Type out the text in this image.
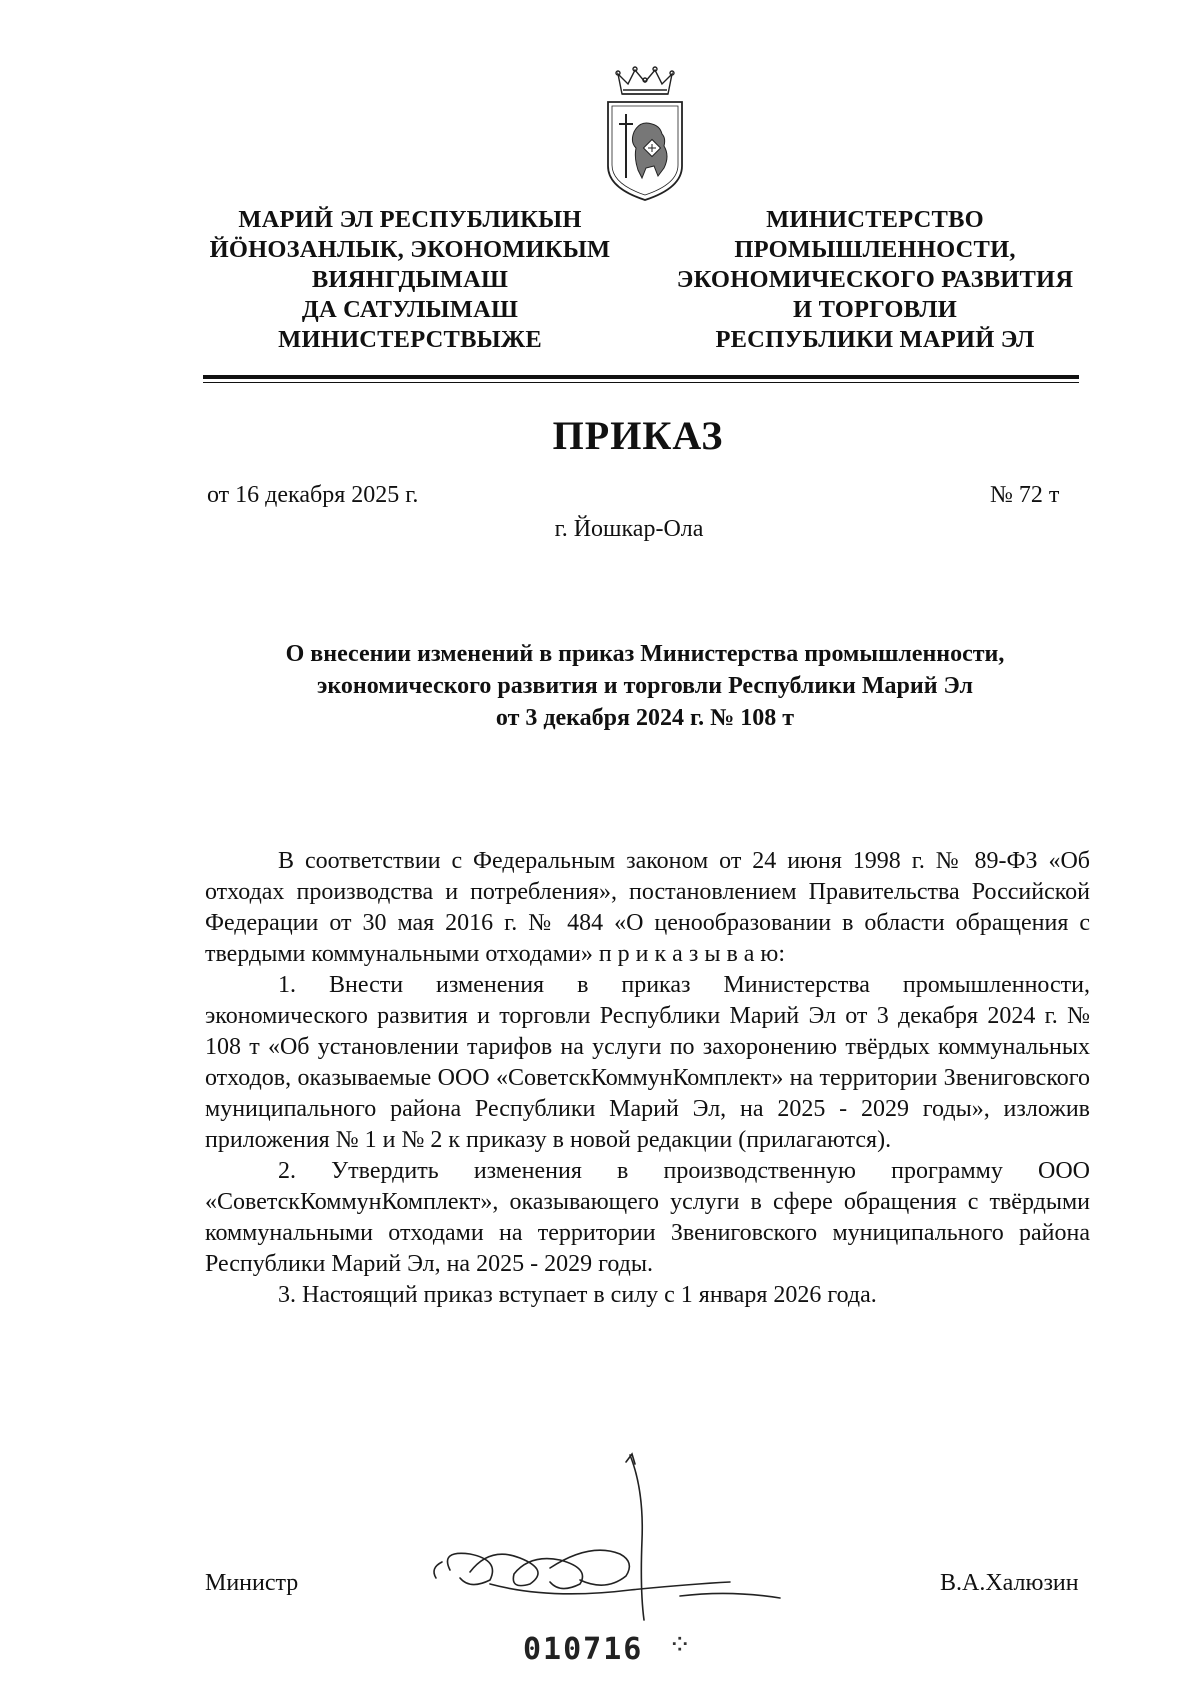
МАРИЙ ЭЛ РЕСПУБЛИКЫН
ЙӦНОЗАНЛЫК, ЭКОНОМИКЫМ
ВИЯНГДЫМАШ
ДА САТУЛЫМАШ
МИНИСТЕРСТВЫЖЕ
МИНИСТЕРСТВО
ПРОМЫШЛЕННОСТИ,
ЭКОНОМИЧЕСКОГО РАЗВИТИЯ
И ТОРГОВЛИ
РЕСПУБЛИКИ МАРИЙ ЭЛ
ПРИКАЗ
от 16 декабря 2025 г.	№ 72 т
г. Йошкар-Ола
О внесении изменений в приказ Министерства промышленности,
экономического развития и торговли Республики Марий Эл
от 3 декабря 2024 г. № 108 т

В соответствии с Федеральным законом от 24 июня 1998 г. № 89-ФЗ «Об отходах производства и потребления», постановлением Правительства Российской Федерации от 30 мая 2016 г. № 484 «О ценообразовании в области обращения с твердыми коммунальными отходами» п р и к а з ы в а ю:

1. Внести изменения в приказ Министерства промышленности, экономического развития и торговли Республики Марий Эл от 3 декабря 2024 г. № 108 т «Об установлении тарифов на услуги по захоронению твёрдых коммунальных отходов, оказываемые ООО «СоветскКоммунКомплект» на территории Звениговского муниципального района Республики Марий Эл, на 2025 - 2029 годы», изложив приложения № 1 и № 2 к приказу в новой редакции (прилагаются).

2. Утвердить изменения в производственную программу ООО «СоветскКоммунКомплект», оказывающего услуги в сфере обращения с твёрдыми коммунальными отходами на территории Звениговского муниципального района Республики Марий Эл, на 2025 - 2029 годы.

3. Настоящий приказ вступает в силу с 1 января 2026 года.

Министр	В.А.Халюзин
010716 ⁘
